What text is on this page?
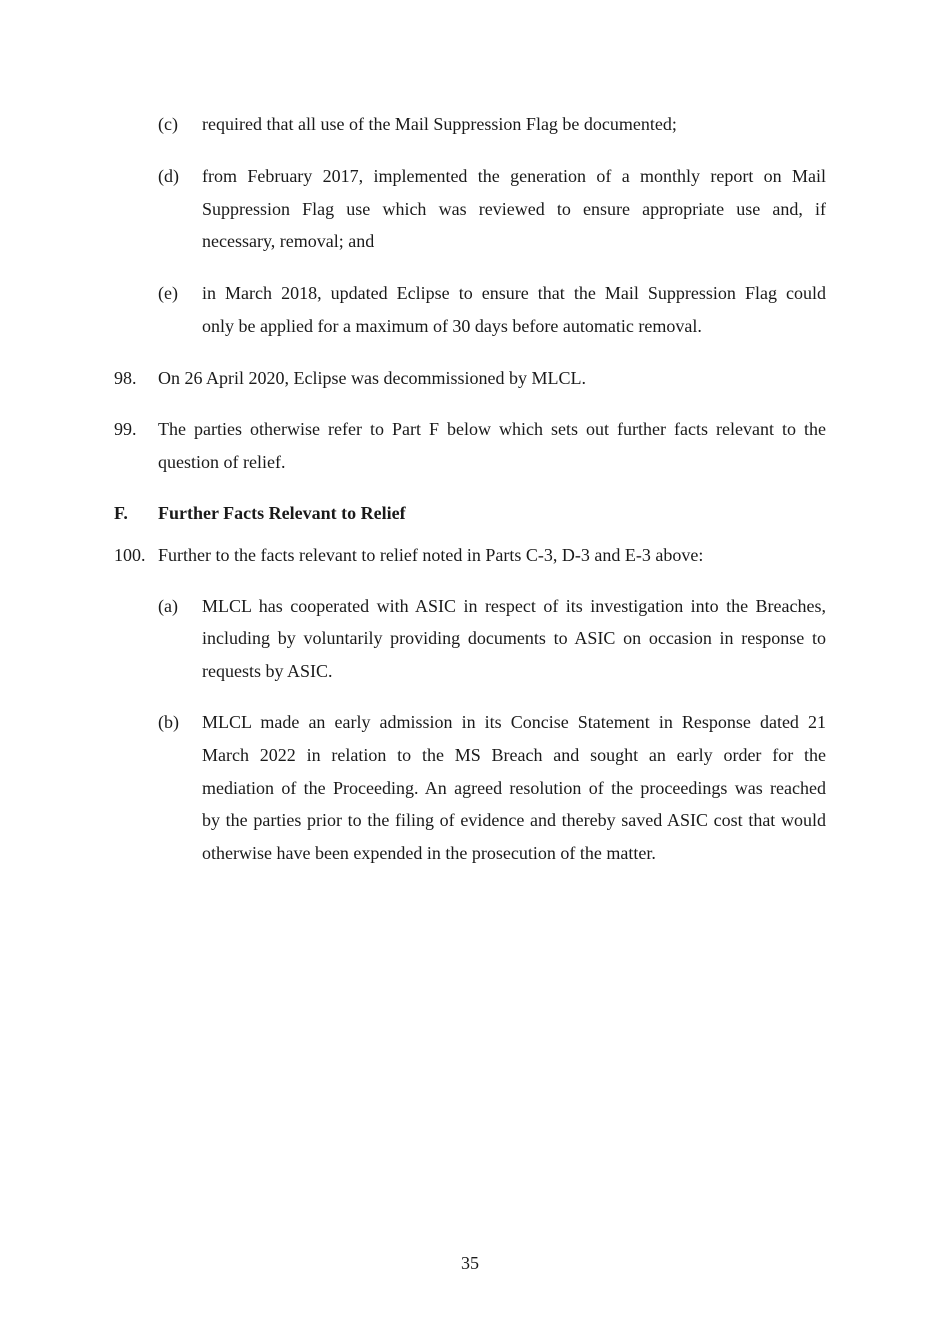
(c) required that all use of the Mail Suppression Flag be documented;
(d) from February 2017, implemented the generation of a monthly report on Mail
Suppression Flag use which was reviewed to ensure appropriate use and, if
necessary, removal; and
(e) in March 2018, updated Eclipse to ensure that the Mail Suppression Flag could
only be applied for a maximum of 30 days before automatic removal.
98. On 26 April 2020, Eclipse was decommissioned by MLCL.
99. The parties otherwise refer to Part F below which sets out further facts relevant to the
question of relief.
F. Further Facts Relevant to Relief
100. Further to the facts relevant to relief noted in Parts C-3, D-3 and E-3 above:
(a) MLCL has cooperated with ASIC in respect of its investigation into the Breaches,
including by voluntarily providing documents to ASIC on occasion in response to
requests by ASIC.
(b) MLCL made an early admission in its Concise Statement in Response dated 21
March 2022 in relation to the MS Breach and sought an early order for the
mediation of the Proceeding. An agreed resolution of the proceedings was reached
by the parties prior to the filing of evidence and thereby saved ASIC cost that would
otherwise have been expended in the prosecution of the matter.
35
